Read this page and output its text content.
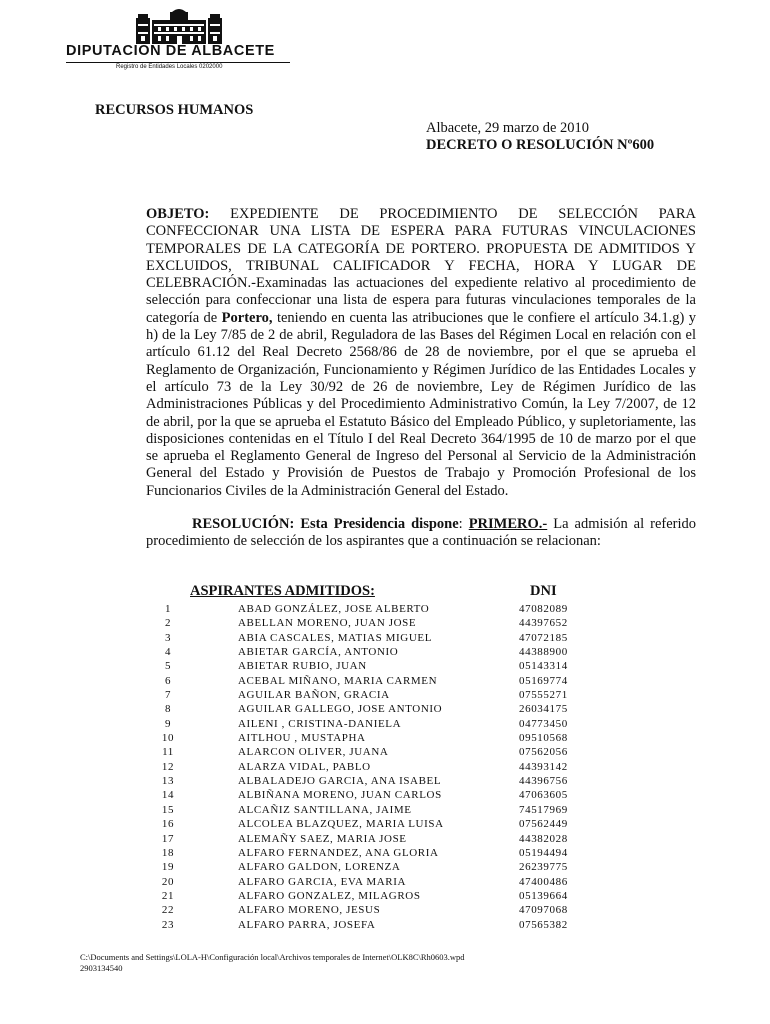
DIPUTACIÓN DE ALBACETE
Registro de Entidades Locales 0202000
RECURSOS HUMANOS
Albacete, 29 marzo de 2010
DECRETO O RESOLUCIÓN Nº600

OBJETO: EXPEDIENTE DE PROCEDIMIENTO DE SELECCIÓN PARA CONFECCIONAR UNA LISTA DE ESPERA PARA FUTURAS VINCULACIONES TEMPORALES DE LA CATEGORÍA DE PORTERO. PROPUESTA DE ADMITIDOS Y EXCLUIDOS, TRIBUNAL CALIFICADOR Y FECHA, HORA Y LUGAR DE CELEBRACIÓN.-Examinadas las actuaciones del expediente relativo al procedimiento de selección para confeccionar una lista de espera para futuras vinculaciones temporales de la categoría de Portero, teniendo en cuenta las atribuciones que le confiere el artículo 34.1.g) y h) de la Ley 7/85 de 2 de abril, Reguladora de las Bases del Régimen Local en relación con el artículo 61.12 del Real Decreto 2568/86 de 28 de noviembre, por el que se aprueba el Reglamento de Organización, Funcionamiento y Régimen Jurídico de las Entidades Locales y el artículo 73 de la Ley 30/92 de 26 de noviembre, Ley de Régimen Jurídico de las Administraciones Públicas y del Procedimiento Administrativo Común, la Ley 7/2007, de 12 de abril, por la que se aprueba el Estatuto Básico del Empleado Público, y supletoriamente, las disposiciones contenidas en el Título I del Real Decreto 364/1995 de 10 de marzo por el que se aprueba el Reglamento General de Ingreso del Personal al Servicio de la Administración General del Estado y Provisión de Puestos de Trabajo y Promoción Profesional de los Funcionarios Civiles de la Administración General del Estado.

RESOLUCIÓN: Esta Presidencia dispone: PRIMERO.- La admisión al referido procedimiento de selección de los aspirantes que a continuación se relacionan:

ASPIRANTES ADMITIDOS:	DNI
1	ABAD GONZÁLEZ, JOSE ALBERTO	47082089
2	ABELLAN MORENO, JUAN JOSE	44397652
3	ABIA CASCALES, MATIAS MIGUEL	47072185
4	ABIETAR GARCÍA, ANTONIO	44388900
5	ABIETAR RUBIO, JUAN	05143314
6	ACEBAL MIÑANO, MARIA CARMEN	05169774
7	AGUILAR BAÑON, GRACIA	07555271
8	AGUILAR GALLEGO, JOSE ANTONIO	26034175
9	AILENI , CRISTINA-DANIELA	04773450
10	AITLHOU , MUSTAPHA	09510568
11	ALARCON OLIVER, JUANA	07562056
12	ALARZA VIDAL, PABLO	44393142
13	ALBALADEJO GARCIA, ANA ISABEL	44396756
14	ALBIÑANA MORENO, JUAN CARLOS	47063605
15	ALCAÑIZ SANTILLANA, JAIME	74517969
16	ALCOLEA BLAZQUEZ, MARIA LUISA	07562449
17	ALEMAÑY SAEZ, MARIA JOSE	44382028
18	ALFARO FERNANDEZ, ANA GLORIA	05194494
19	ALFARO GALDON, LORENZA	26239775
20	ALFARO GARCIA, EVA MARIA	47400486
21	ALFARO GONZALEZ, MILAGROS	05139664
22	ALFARO MORENO, JESUS	47097068
23	ALFARO PARRA, JOSEFA	07565382
C:\Documents and Settings\LOLA-H\Configuración local\Archivos temporales de Internet\OLK8C\Rh0603.wpd
2903134540
